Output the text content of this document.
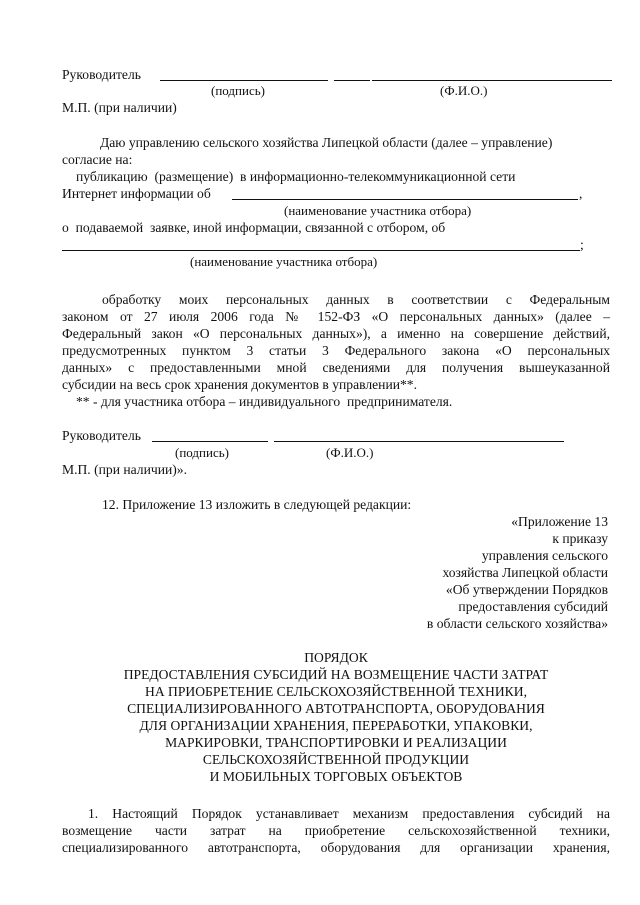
Руководитель
(подпись)	(Ф.И.О.)
М.П. (при наличии)
Даю управлению сельского хозяйства Липецкой области (далее – управление)
согласие на:
публикацию  (размещение)  в информационно-телекоммуникационной сети
Интернет информации об	,
(наименование участника отбора)
о  подаваемой  заявке, иной информации, связанной с отбором, об
;
(наименование участника отбора)
обработку моих персональных данных в соответствии с Федеральным
законом от 27 июля 2006 года № 152-ФЗ «О персональных данных» (далее –
Федеральный закон «О персональных данных»), а именно на совершение действий,
предусмотренных пунктом 3 статьи 3 Федерального закона «О персональных
данных» с предоставленными мной сведениями для получения вышеуказанной
субсидии на весь срок хранения документов в управлении**.
** - для участника отбора – индивидуального  предпринимателя.
Руководитель
(подпись)	(Ф.И.О.)
М.П. (при наличии)».
12. Приложение 13 изложить в следующей редакции:
«Приложение 13
к приказу
управления сельского
хозяйства Липецкой области
«Об утверждении Порядков
предоставления субсидий
в области сельского хозяйства»
ПОРЯДОК
ПРЕДОСТАВЛЕНИЯ СУБСИДИЙ НА ВОЗМЕЩЕНИЕ ЧАСТИ ЗАТРАТ
НА ПРИОБРЕТЕНИЕ СЕЛЬСКОХОЗЯЙСТВЕННОЙ ТЕХНИКИ,
СПЕЦИАЛИЗИРОВАННОГО АВТОТРАНСПОРТА, ОБОРУДОВАНИЯ
ДЛЯ ОРГАНИЗАЦИИ ХРАНЕНИЯ, ПЕРЕРАБОТКИ, УПАКОВКИ,
МАРКИРОВКИ, ТРАНСПОРТИРОВКИ И РЕАЛИЗАЦИИ
СЕЛЬСКОХОЗЯЙСТВЕННОЙ ПРОДУКЦИИ
И МОБИЛЬНЫХ ТОРГОВЫХ ОБЪЕКТОВ
1. Настоящий Порядок устанавливает механизм предоставления субсидий на
возмещение части затрат на приобретение сельскохозяйственной техники,
специализированного автотранспорта, оборудования для организации хранения,
